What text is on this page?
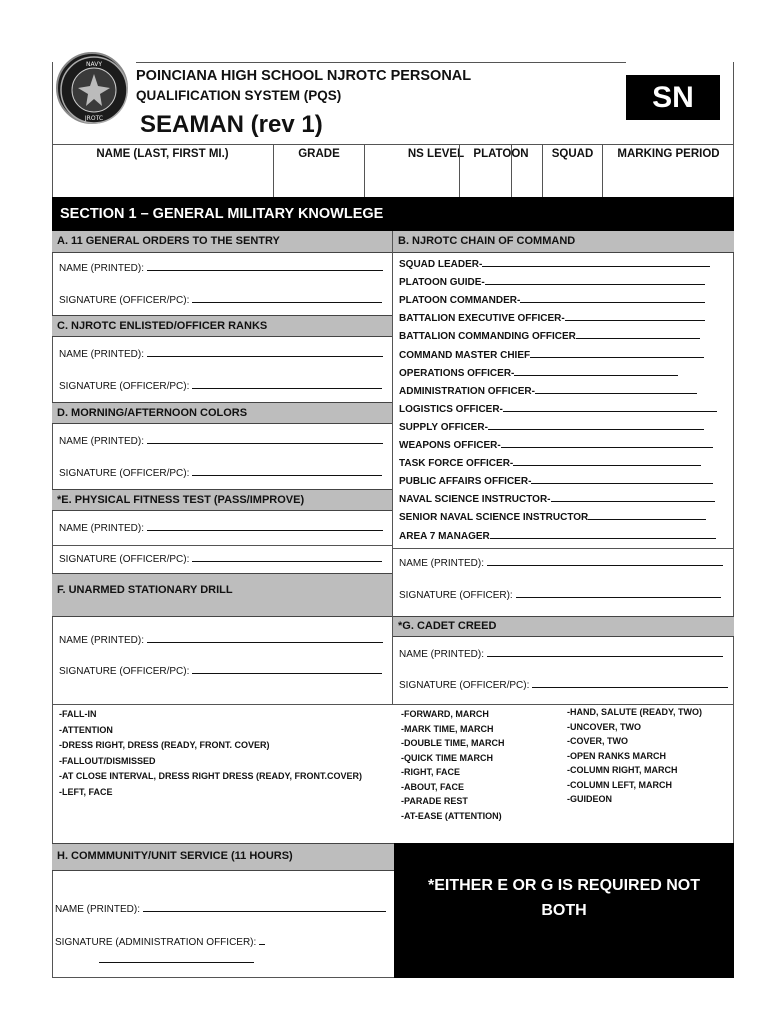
NAVY
JROTC
POINCIANA HIGH SCHOOL NJROTC PERSONAL
QUALIFICATION SYSTEM (PQS)
SEAMAN (rev 1)
SN
NAME (LAST, FIRST MI.)	GRADE	NS LEVEL PLATOON	SQUAD	MARKING PERIOD
SECTION 1 – GENERAL MILITARY KNOWLEGE
A. 11 GENERAL ORDERS TO THE SENTRY
NAME (PRINTED):
SIGNATURE (OFFICER/PC):
C. NJROTC ENLISTED/OFFICER RANKS
NAME (PRINTED):
SIGNATURE (OFFICER/PC):
D. MORNING/AFTERNOON COLORS
NAME (PRINTED):
SIGNATURE (OFFICER/PC):
*E. PHYSICAL FITNESS TEST (PASS/IMPROVE)
NAME (PRINTED):
SIGNATURE (OFFICER/PC):
F. UNARMED STATIONARY DRILL
NAME (PRINTED):
SIGNATURE (OFFICER/PC):
B. NJROTC CHAIN OF COMMAND
SQUAD LEADER-
PLATOON GUIDE-
PLATOON COMMANDER-
BATTALION EXECUTIVE OFFICER-
BATTALION COMMANDING OFFICER
COMMAND MASTER CHIEF
OPERATIONS OFFICER-
ADMINISTRATION OFFICER-
LOGISTICS OFFICER-
SUPPLY OFFICER-
WEAPONS OFFICER-
TASK FORCE OFFICER-
PUBLIC AFFAIRS OFFICER-
NAVAL SCIENCE INSTRUCTOR-
SENIOR NAVAL SCIENCE INSTRUCTOR
AREA 7 MANAGER
NAME (PRINTED):
SIGNATURE (OFFICER):
*G. CADET CREED
NAME (PRINTED):
SIGNATURE (OFFICER/PC):
-FALL-IN
-ATTENTION
-DRESS RIGHT, DRESS (READY, FRONT. COVER)
-FALLOUT/DISMISSED
-AT CLOSE INTERVAL, DRESS RIGHT DRESS (READY, FRONT.COVER)
-LEFT, FACE
-FORWARD, MARCH
-MARK TIME, MARCH
-DOUBLE TIME, MARCH
-QUICK TIME MARCH
-RIGHT, FACE
-ABOUT, FACE
-PARADE REST
-AT-EASE (ATTENTION)
-HAND, SALUTE (READY, TWO)
-UNCOVER, TWO
-COVER, TWO
-OPEN RANKS MARCH
-COLUMN RIGHT, MARCH
-COLUMN LEFT, MARCH
-GUIDEON
H. COMMMUNITY/UNIT SERVICE (11 HOURS)
NAME (PRINTED):
SIGNATURE (ADMINISTRATION OFFICER):
*EITHER E OR G IS REQUIRED NOT
BOTH
